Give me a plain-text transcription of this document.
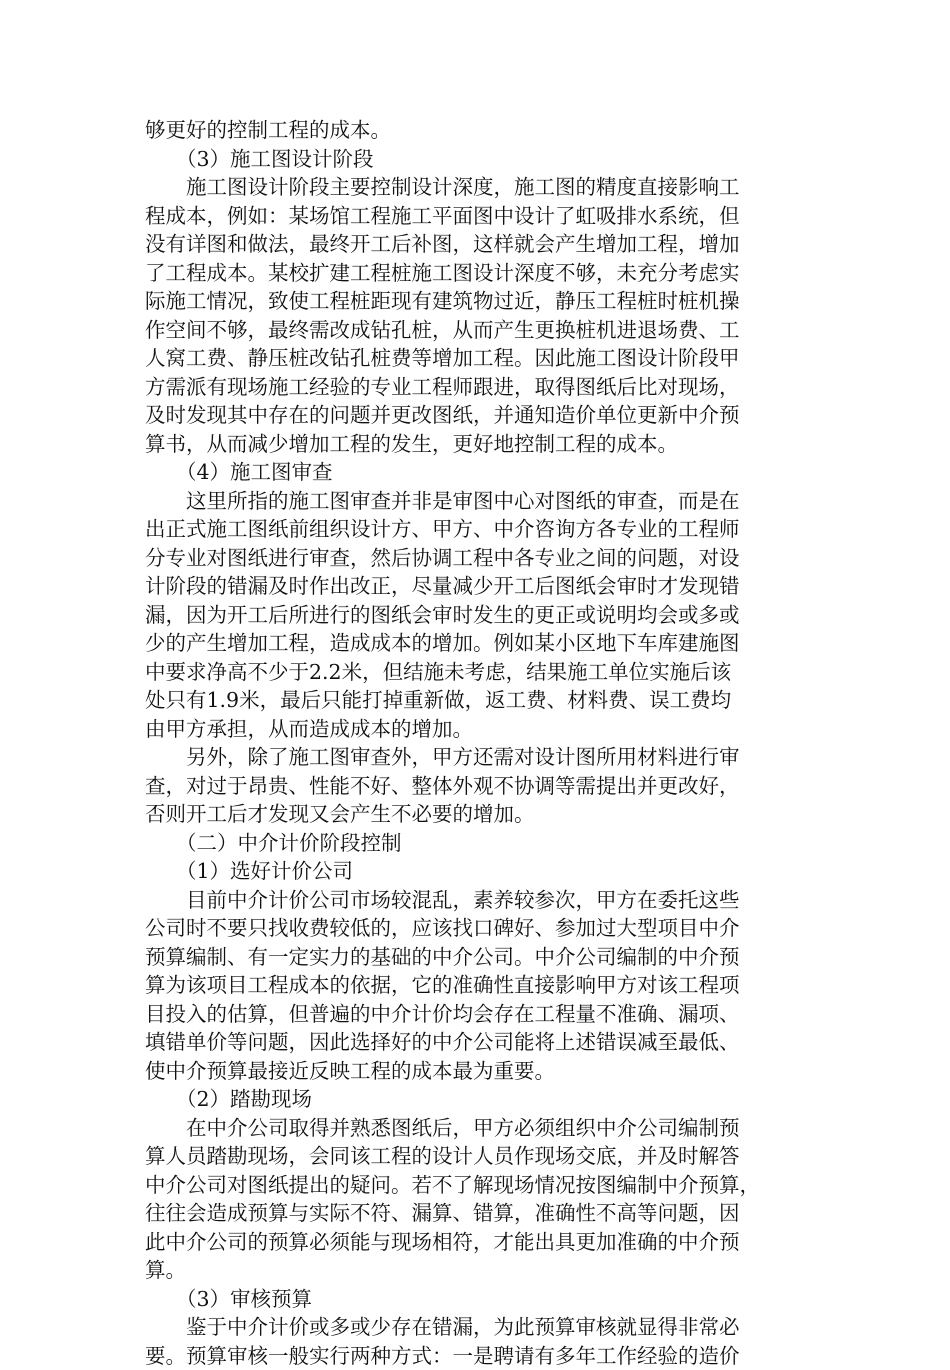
够更好的控制工程的成本。
（3）施工图设计阶段
施工图设计阶段主要控制设计深度，施工图的精度直接影响工
程成本，例如：某场馆工程施工平面图中设计了虹吸排水系统，但
没有详图和做法，最终开工后补图，这样就会产生增加工程，增加
了工程成本。某校扩建工程桩施工图设计深度不够，未充分考虑实
际施工情况，致使工程桩距现有建筑物过近，静压工程桩时桩机操
作空间不够，最终需改成钻孔桩，从而产生更换桩机进退场费、工
人窝工费、静压桩改钻孔桩费等增加工程。因此施工图设计阶段甲
方需派有现场施工经验的专业工程师跟进，取得图纸后比对现场，
及时发现其中存在的问题并更改图纸，并通知造价单位更新中介预
算书，从而减少增加工程的发生，更好地控制工程的成本。
（4）施工图审查
这里所指的施工图审查并非是审图中心对图纸的审查，而是在
出正式施工图纸前组织设计方、甲方、中介咨询方各专业的工程师
分专业对图纸进行审查，然后协调工程中各专业之间的问题，对设
计阶段的错漏及时作出改正，尽量减少开工后图纸会审时才发现错
漏，因为开工后所进行的图纸会审时发生的更正或说明均会或多或
少的产生增加工程，造成成本的增加。例如某小区地下车库建施图
中要求净高不少于2.2米，但结施未考虑，结果施工单位实施后该
处只有1.9米，最后只能打掉重新做，返工费、材料费、误工费均
由甲方承担，从而造成成本的增加。
另外，除了施工图审查外，甲方还需对设计图所用材料进行审
查，对过于昂贵、性能不好、整体外观不协调等需提出并更改好，
否则开工后才发现又会产生不必要的增加。
（二）中介计价阶段控制
（1）选好计价公司
目前中介计价公司市场较混乱，素养较参次，甲方在委托这些
公司时不要只找收费较低的，应该找口碑好、参加过大型项目中介
预算编制、有一定实力的基础的中介公司。中介公司编制的中介预
算为该项目工程成本的依据，它的准确性直接影响甲方对该工程项
目投入的估算，但普遍的中介计价均会存在工程量不准确、漏项、
填错单价等问题，因此选择好的中介公司能将上述错误减至最低、
使中介预算最接近反映工程的成本最为重要。
（2）踏勘现场
在中介公司取得并熟悉图纸后，甲方必须组织中介公司编制预
算人员踏勘现场，会同该工程的设计人员作现场交底，并及时解答
中介公司对图纸提出的疑问。若不了解现场情况按图编制中介预算，
往往会造成预算与实际不符、漏算、错算，准确性不高等问题，因
此中介公司的预算必须能与现场相符，才能出具更加准确的中介预
算。
（3）审核预算
鉴于中介计价或多或少存在错漏，为此预算审核就显得非常必
要。预算审核一般实行两种方式：一是聘请有多年工作经验的造价
